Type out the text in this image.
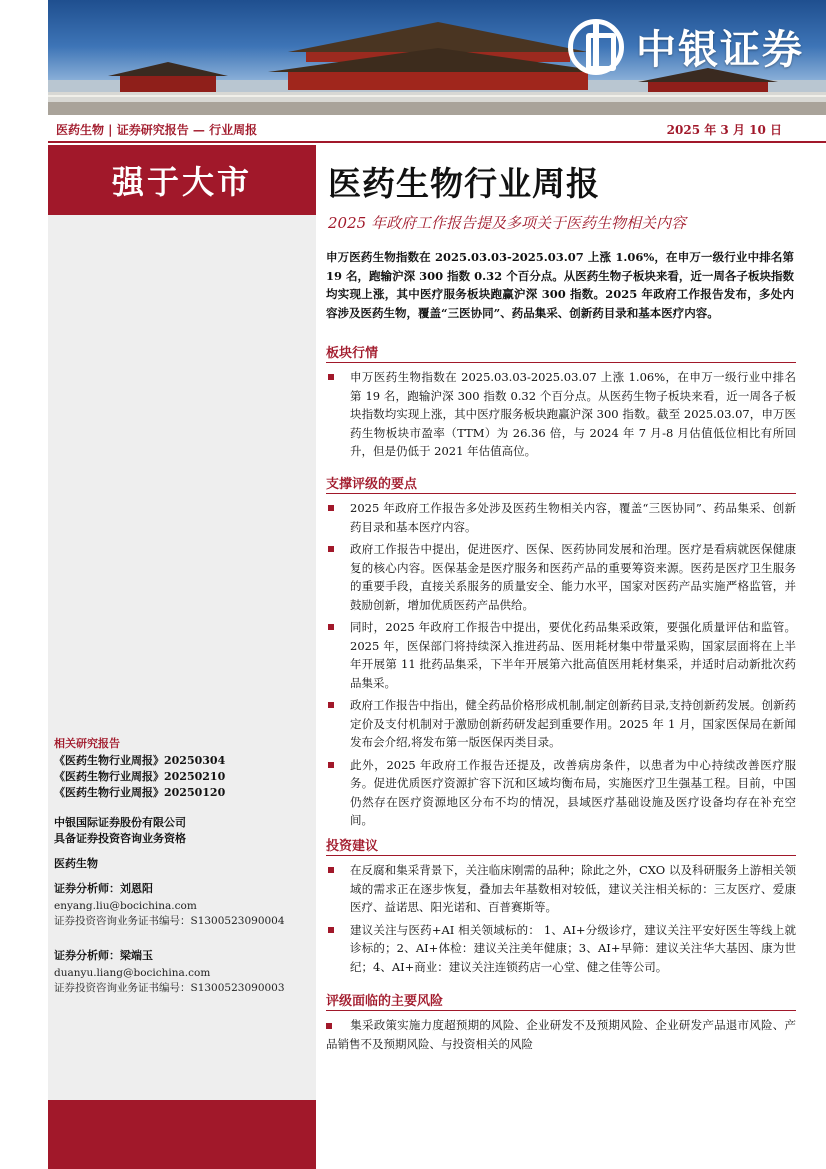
中银证券
医药生物 | 证券研究报告 — 行业周报	2025 年 3 月 10 日
强于大市
相关研究报告
《医药生物行业周报》20250304
《医药生物行业周报》20250210
《医药生物行业周报》20250120
中银国际证券股份有限公司
具备证券投资咨询业务资格
医药生物
证券分析师：刘恩阳
enyang.liu@bocichina.com
证券投资咨询业务证书编号：S1300523090004
证券分析师：梁端玉
duanyu.liang@bocichina.com
证券投资咨询业务证书编号：S1300523090003
医药生物行业周报
2025 年政府工作报告提及多项关于医药生物相关内容
申万医药生物指数在 2025.03.03-2025.03.07 上涨 1.06%，在申万一级行业中排名第 19 名，跑输沪深 300 指数 0.32 个百分点。从医药生物子板块来看，近一周各子板块指数均实现上涨，其中医疗服务板块跑赢沪深 300 指数。2025 年政府工作报告发布，多处内容涉及医药生物，覆盖“三医协同”、药品集采、创新药目录和基本医疗内容。
板块行情
申万医药生物指数在 2025.03.03-2025.03.07 上涨 1.06%，在申万一级行业中排名第 19 名，跑输沪深 300 指数 0.32 个百分点。从医药生物子板块来看，近一周各子板块指数均实现上涨，其中医疗服务板块跑赢沪深 300 指数。截至 2025.03.07，申万医药生物板块市盈率（TTM）为 26.36 倍，与 2024 年 7 月-8 月估值低位相比有所回升，但是仍低于 2021 年估值高位。
支撑评级的要点
2025 年政府工作报告多处涉及医药生物相关内容，覆盖“三医协同”、药品集采、创新药目录和基本医疗内容。
政府工作报告中提出，促进医疗、医保、医药协同发展和治理。医疗是看病就医保健康复的核心内容。医保基金是医疗服务和医药产品的重要筹资来源。医药是医疗卫生服务的重要手段，直接关系服务的质量安全、能力水平，国家对医药产品实施严格监管，并鼓励创新，增加优质医药产品供给。
同时，2025 年政府工作报告中提出，要优化药品集采政策，要强化质量评估和监管。2025 年，医保部门将持续深入推进药品、医用耗材集中带量采购，国家层面将在上半年开展第 11 批药品集采，下半年开展第六批高值医用耗材集采，并适时启动新批次药品集采。
政府工作报告中指出，健全药品价格形成机制,制定创新药目录,支持创新药发展。创新药定价及支付机制对于激励创新药研发起到重要作用。2025 年 1 月，国家医保局在新闻发布会介绍,将发布第一版医保丙类目录。
此外，2025 年政府工作报告还提及，改善病房条件，以患者为中心持续改善医疗服务。促进优质医疗资源扩容下沉和区域均衡布局，实施医疗卫生强基工程。目前，中国仍然存在医疗资源地区分布不均的情况，县域医疗基础设施及医疗设备均存在补充空间。
投资建议
在反腐和集采背景下，关注临床刚需的品种；除此之外，CXO 以及科研服务上游相关领域的需求正在逐步恢复，叠加去年基数相对较低，建议关注相关标的：三友医疗、爱康医疗、益诺思、阳光诺和、百普赛斯等。
建议关注与医药+AI 相关领域标的： 1、AI+分级诊疗，建议关注平安好医生等线上就诊标的；2、AI+体检：建议关注美年健康；3、AI+早筛：建议关注华大基因、康为世纪；4、AI+商业：建议关注连锁药店一心堂、健之佳等公司。
评级面临的主要风险
集采政策实施力度超预期的风险、企业研发不及预期风险、企业研发产品退市风险、产品销售不及预期风险、与投资相关的风险
